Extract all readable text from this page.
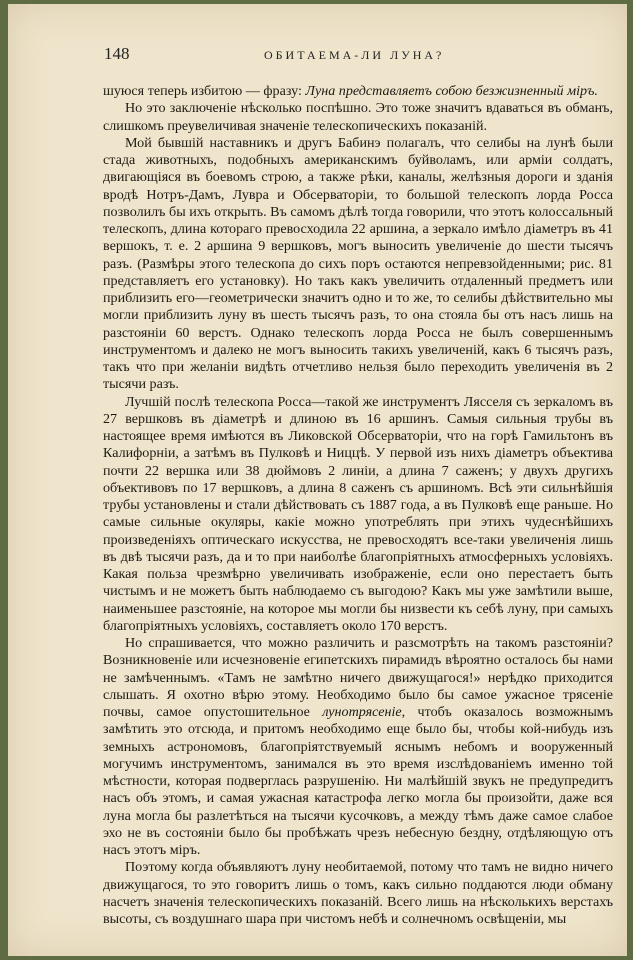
148	ОБИТАЕМА-ЛИ ЛУНА?

шуюся теперь избитою — фразу: Луна представляетъ собою безжизненный міръ.

Но это заключеніе нѣсколько поспѣшно. Это тоже значитъ вдаваться въ обманъ, слишкомъ преувеличивая значеніе телескопическихъ показаній.

Мой бывшій наставникъ и другъ Бабинэ полагалъ, что селибы на лунѣ были стада животныхъ, подобныхъ американскимъ буйволамъ, или арміи солдатъ, двигающіяся въ боевомъ строю, а также рѣки, каналы, желѣзныя дороги и зданія вродѣ Нотръ-Дамъ, Лувра и Обсерваторіи, то большой телескопъ лорда Росса позволилъ бы ихъ открыть. Въ самомъ дѣлѣ тогда говорили, что этотъ колоссальный телескопъ, длина котораго превосходила 22 аршина, а зеркало имѣло діаметръ въ 41 вершокъ, т. е. 2 аршина 9 вершковъ, могъ выносить увеличеніе до шести тысячъ разъ. (Размѣры этого телескопа до сихъ поръ остаются непревзойденными; рис. 81 представляетъ его установку). Но такъ какъ увеличить отдаленный предметъ или приблизить его—геометрически значитъ одно и то же, то селибы дѣйствительно мы могли приблизить луну въ шесть тысячъ разъ, то она стояла бы отъ насъ лишь на разстояніи 60 верстъ. Однако телескопъ лорда Росса не былъ совершеннымъ инструментомъ и далеко не могъ выносить такихъ увеличеній, какъ 6 тысячъ разъ, такъ что при желаніи видѣть отчетливо нельзя было переходить увеличенія въ 2 тысячи разъ.

Лучшій послѣ телескопа Росса—такой же инструментъ Лясселя съ зеркаломъ въ 27 вершковъ въ діаметрѣ и длиною въ 16 аршинъ. Самыя сильныя трубы въ настоящее время имѣются въ Ликовской Обсерваторіи, что на горѣ Гамильтонъ въ Калифорніи, а затѣмъ въ Пулковѣ и Ниццѣ. У первой изъ нихъ діаметръ объектива почти 22 вершка или 38 дюймовъ 2 линіи, а длина 7 саженъ; у двухъ другихъ объективовъ по 17 вершковъ, а длина 8 саженъ съ аршиномъ. Всѣ эти сильнѣйшія трубы установлены и стали дѣйствовать съ 1887 года, а въ Пулковѣ еще раньше. Но самые сильные окуляры, какіе можно употреблять при этихъ чудеснѣйшихъ произведеніяхъ оптическаго искусства, не превосходятъ все-таки увеличенія лишь въ двѣ тысячи разъ, да и то при наиболѣе благопріятныхъ атмосферныхъ условіяхъ. Какая польза чрезмѣрно увеличивать изображеніе, если оно перестаетъ быть чистымъ и не можетъ быть наблюдаемо съ выгодою? Какъ мы уже замѣтили выше, наименьшее разстояніе, на которое мы могли бы низвести къ себѣ луну, при самыхъ благопріятныхъ условіяхъ, составляетъ около 170 верстъ.

Но спрашивается, что можно различить и разсмотрѣть на такомъ разстояніи? Возникновеніе или исчезновеніе египетскихъ пирамидъ вѣроятно осталось бы нами не замѣченнымъ. «Тамъ не замѣтно ничего движущагося!» нерѣдко приходится слышать. Я охотно вѣрю этому. Необходимо было бы самое ужасное трясеніе почвы, самое опустошительное лунотрясеніе, чтобъ оказалось возможнымъ замѣтить это отсюда, и притомъ необходимо еще было бы, чтобы кой-нибудь изъ земныхъ астрономовъ, благопріятствуемый яснымъ небомъ и вооруженный могучимъ инструментомъ, занимался въ это время изслѣдованіемъ именно той мѣстности, которая подверглась разрушенію. Ни малѣйшій звукъ не предупредитъ насъ объ этомъ, и самая ужасная катастрофа легко могла бы произойти, даже вся луна могла бы разлетѣться на тысячи кусочковъ, а между тѣмъ даже самое слабое эхо не въ состояніи было бы пробѣжать чрезъ небесную бездну, отдѣляющую отъ насъ этотъ міръ.

Поэтому когда объявляютъ луну необитаемой, потому что тамъ не видно ничего движущагося, то это говоритъ лишь о томъ, какъ сильно поддаются люди обману насчетъ значенія телескопическихъ показаній. Всего лишь на нѣсколькихъ верстахъ высоты, съ воздушнаго шара при чистомъ небѣ и солнечномъ освѣщеніи, мы
